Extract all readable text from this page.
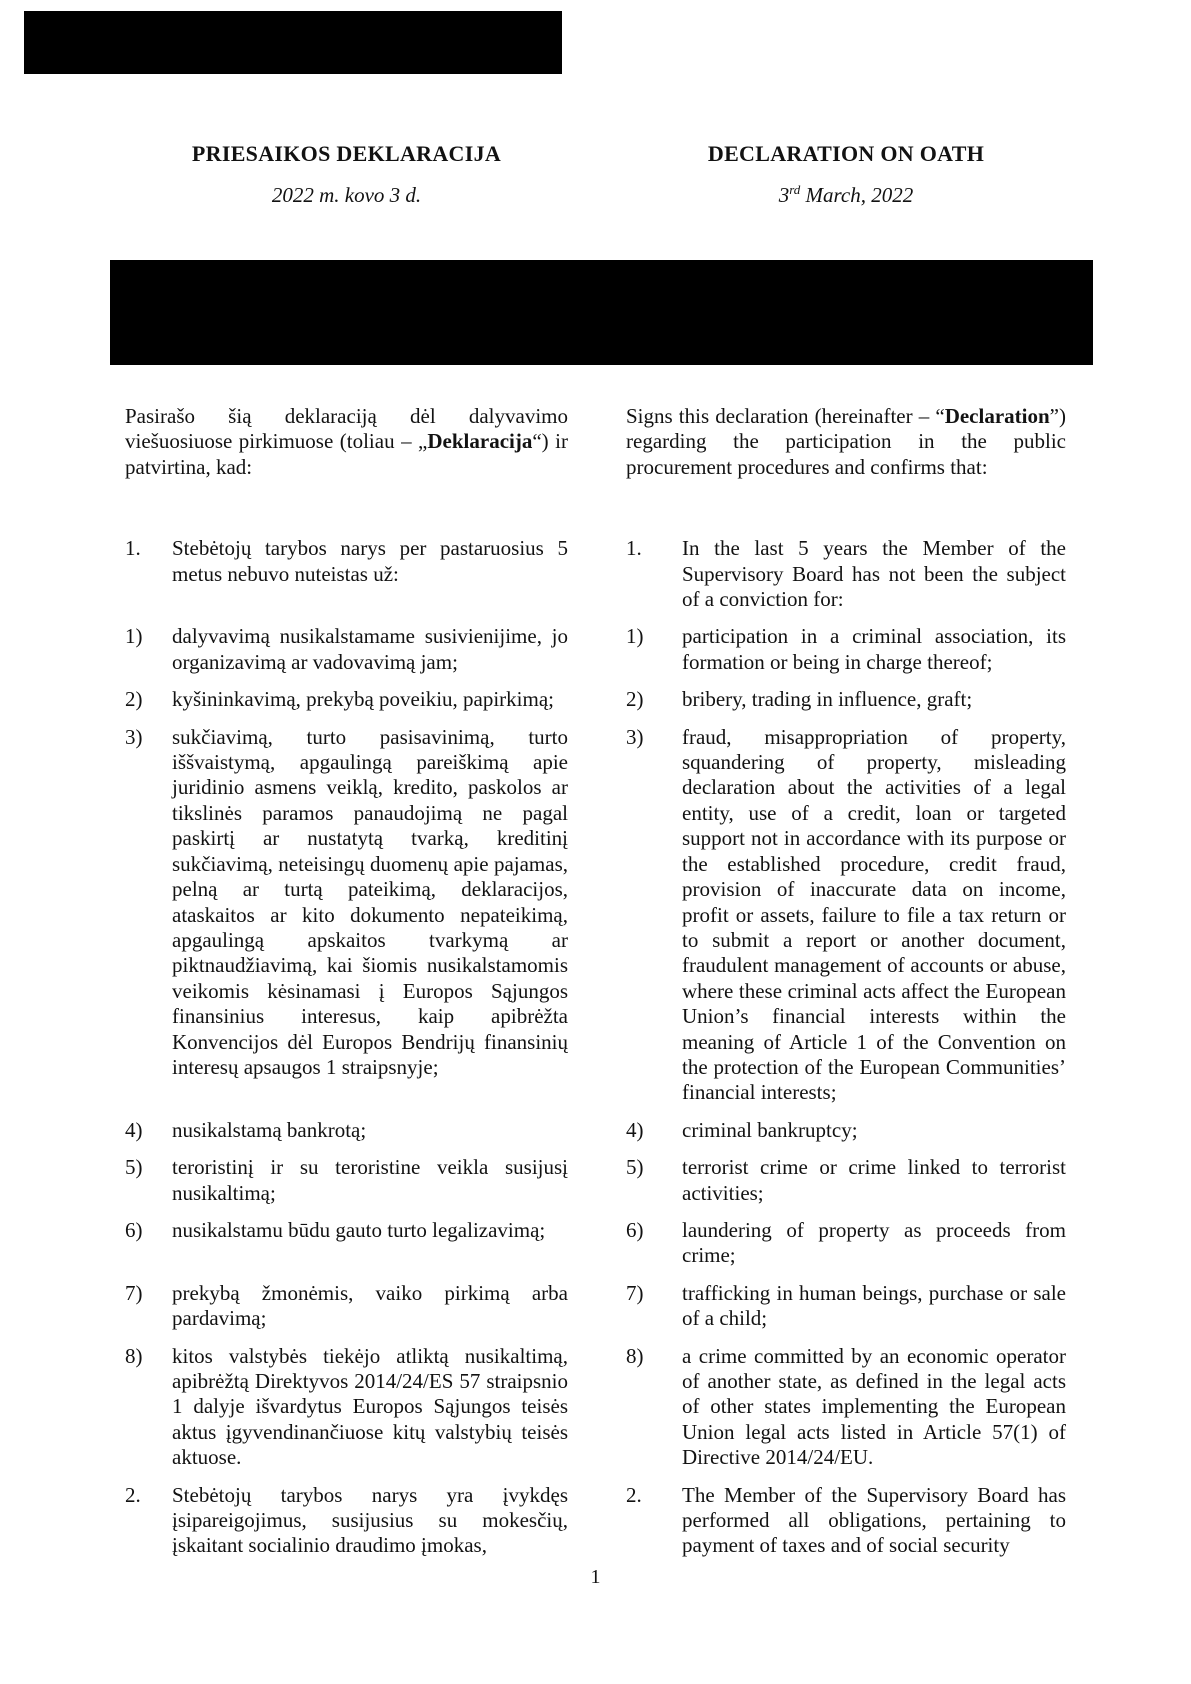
PRIESAIKOS DEKLARACIJA
2022 m. kovo 3 d.
DECLARATION ON OATH
3rd March, 2022
Pasirašo šią deklaraciją dėl dalyvavimo viešuosiuose pirkimuose (toliau – „Deklaracija“) ir patvirtina, kad:
Signs this declaration (hereinafter – “Declaration”) regarding the participation in the public procurement procedures and confirms that:
1.	Stebėtojų tarybos narys per pastaruosius 5 metus nebuvo nuteistas už:
1.	In the last 5 years the Member of the Supervisory Board has not been the subject of a conviction for:
1)	dalyvavimą nusikalstamame susivienijime, jo organizavimą ar vadovavimą jam;
1)	participation in a criminal association, its formation or being in charge thereof;
2)	kyšininkavimą, prekybą poveikiu, papirkimą;	2)	bribery, trading in influence, graft;
3)	sukčiavimą, turto pasisavinimą, turto iššvaistymą, apgaulingą pareiškimą apie juridinio asmens veiklą, kredito, paskolos ar tikslinės paramos panaudojimą ne pagal paskirtį ar nustatytą tvarką, kreditinį sukčiavimą, neteisingų duomenų apie pajamas, pelną ar turtą pateikimą, deklaracijos, ataskaitos ar kito dokumento nepateikimą, apgaulingą apskaitos tvarkymą ar piktnaudžiavimą, kai šiomis nusikalstamomis veikomis kėsinamasi į Europos Sąjungos finansinius interesus, kaip apibrėžta Konvencijos dėl Europos Bendrijų finansinių interesų apsaugos 1 straipsnyje;
3)	fraud, misappropriation of property, squandering of property, misleading declaration about the activities of a legal entity, use of a credit, loan or targeted support not in accordance with its purpose or the established procedure, credit fraud, provision of inaccurate data on income, profit or assets, failure to file a tax return or to submit a report or another document, fraudulent management of accounts or abuse, where these criminal acts affect the European Union’s financial interests within the meaning of Article 1 of the Convention on the protection of the European Communities’ financial interests;
4)	nusikalstamą bankrotą;	4)	criminal bankruptcy;
5)	teroristinį ir su teroristine veikla susijusį nusikaltimą;
5)	terrorist crime or crime linked to terrorist activities;
6)	nusikalstamu būdu gauto turto legalizavimą;	6)	laundering of property as proceeds from crime;
7)	prekybą žmonėmis, vaiko pirkimą arba pardavimą;
7)	trafficking in human beings, purchase or sale of a child;
8)	kitos valstybės tiekėjo atliktą nusikaltimą, apibrėžtą Direktyvos 2014/24/ES 57 straipsnio 1 dalyje išvardytus Europos Sąjungos teisės aktus įgyvendinančiuose kitų valstybių teisės aktuose.
8)	a crime committed by an economic operator of another state, as defined in the legal acts of other states implementing the European Union legal acts listed in Article 57(1) of Directive 2014/24/EU.
2.	Stebėtojų tarybos narys yra įvykdęs įsipareigojimus, susijusius su mokesčių, įskaitant socialinio draudimo įmokas,
2.	The Member of the Supervisory Board has performed all obligations, pertaining to payment of taxes and of social security
1
